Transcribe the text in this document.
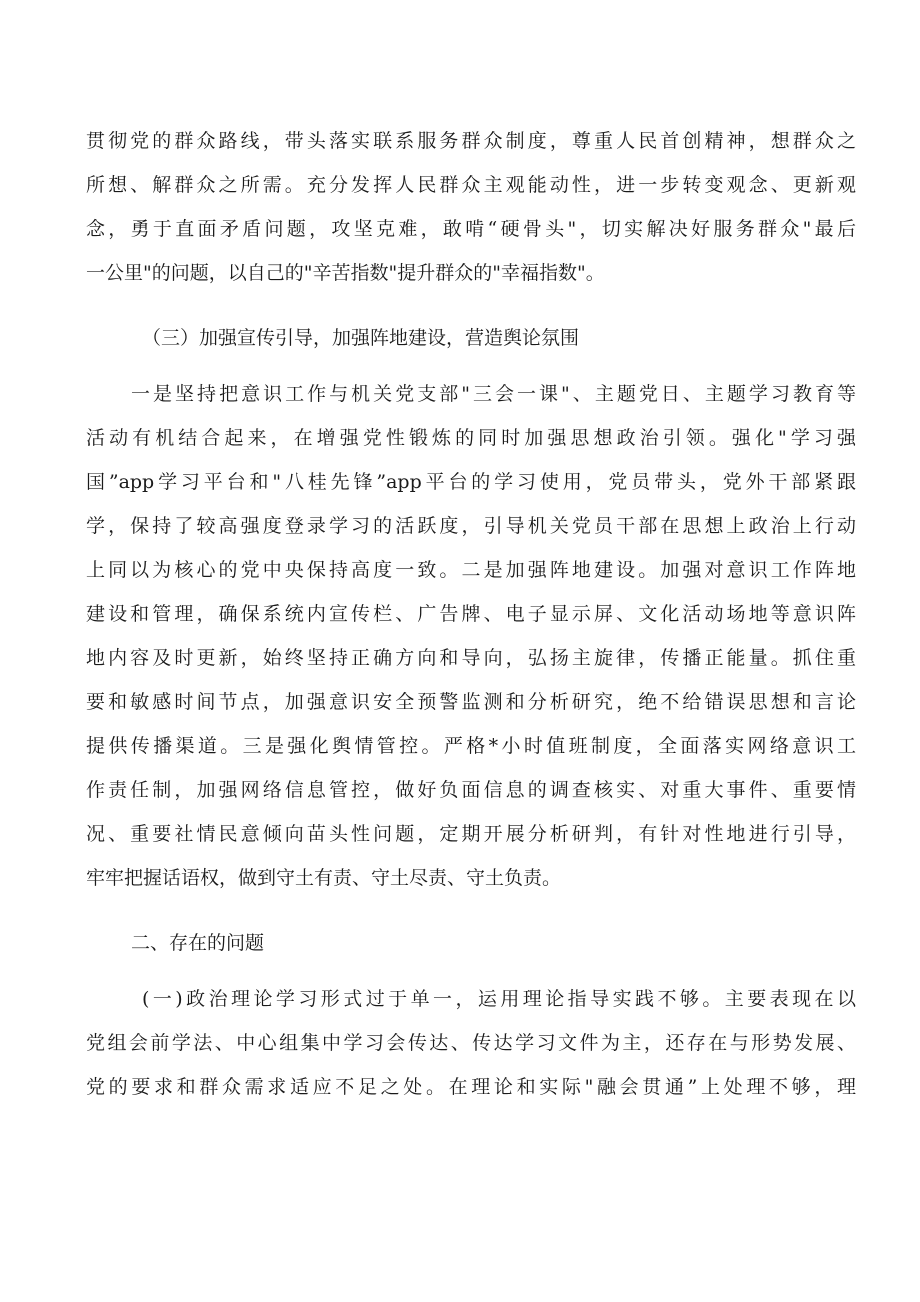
贯彻党的群众路线，带头落实联系服务群众制度，尊重人民首创精神，想群众之
所想、解群众之所需。充分发挥人民群众主观能动性，进一步转变观念、更新观
念，勇于直面矛盾问题，攻坚克难，敢啃“硬骨头"，切实解决好服务群众"最后
一公里"的问题，以自己的"辛苦指数"提升群众的"幸福指数"。
（三）加强宣传引导，加强阵地建设，营造舆论氛围
一是坚持把意识工作与机关党支部"三会一课"、主题党日、主题学习教育等
活动有机结合起来，在增强党性锻炼的同时加强思想政治引领。强化"学习强
国”app学习平台和"八桂先锋”app平台的学习使用，党员带头，党外干部紧跟
学，保持了较高强度登录学习的活跃度，引导机关党员干部在思想上政治上行动
上同以为核心的党中央保持高度一致。二是加强阵地建设。加强对意识工作阵地
建设和管理，确保系统内宣传栏、广告牌、电子显示屏、文化活动场地等意识阵
地内容及时更新，始终坚持正确方向和导向，弘扬主旋律，传播正能量。抓住重
要和敏感时间节点，加强意识安全预警监测和分析研究，绝不给错误思想和言论
提供传播渠道。三是强化舆情管控。严格*小时值班制度，全面落实网络意识工
作责任制，加强网络信息管控，做好负面信息的调查核实、对重大事件、重要情
况、重要社情民意倾向苗头性问题，定期开展分析研判，有针对性地进行引导，
牢牢把握话语权，做到守土有责、守土尽责、守土负责。
二、存在的问题
(一)政治理论学习形式过于单一，运用理论指导实践不够。主要表现在以
党组会前学法、中心组集中学习会传达、传达学习文件为主，还存在与形势发展、
党的要求和群众需求适应不足之处。在理论和实际"融会贯通”上处理不够，理
